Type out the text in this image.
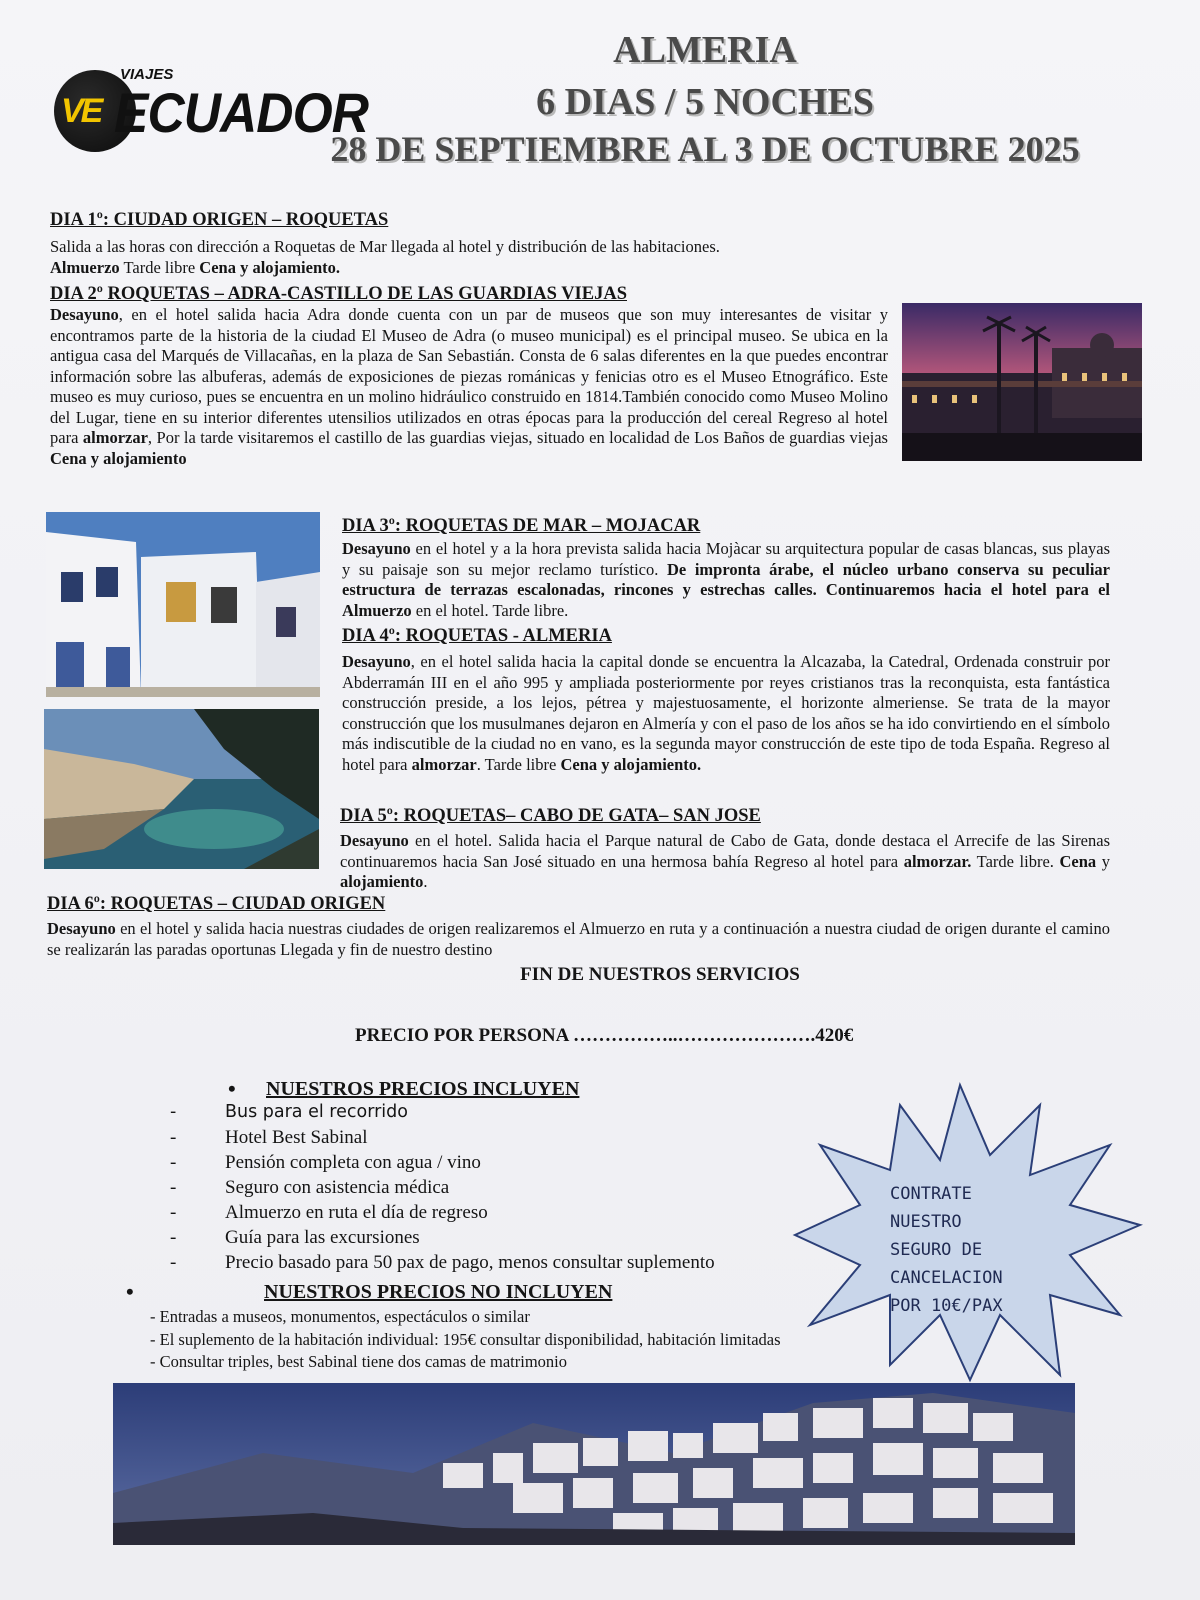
VE
VIAJES
ECUADOR
ALMERIA
6 DIAS / 5 NOCHES
28 DE SEPTIEMBRE AL 3 DE OCTUBRE 2025
DIA 1º: CIUDAD ORIGEN – ROQUETAS
Salida a las horas con dirección a Roquetas de Mar llegada al hotel y distribución de las habitaciones.
Almuerzo Tarde libre Cena y alojamiento.
DIA 2º ROQUETAS – ADRA-CASTILLO DE LAS GUARDIAS VIEJAS
Desayuno, en el hotel salida hacia Adra donde cuenta con un par de museos que son muy interesantes de visitar y encontramos parte de la historia de la ciudad El Museo de Adra (o museo municipal) es el principal museo. Se ubica en la antigua casa del Marqués de Villacañas, en la plaza de San Sebastián. Consta de 6 salas diferentes en la que puedes encontrar información sobre las albuferas, además de exposiciones de piezas románicas y fenicias otro es el Museo Etnográfico. Este museo es muy curioso, pues se encuentra en un molino hidráulico construido en 1814.También conocido como Museo Molino del Lugar, tiene en su interior diferentes utensilios utilizados en otras épocas para la producción del cereal Regreso al hotel para almorzar, Por la tarde visitaremos el castillo de las guardias viejas, situado en localidad de Los Baños de guardias viejas Cena y alojamiento
DIA 3º: ROQUETAS DE MAR – MOJACAR
Desayuno en el hotel y a la hora prevista salida hacia Mojàcar su arquitectura popular de casas blancas, sus playas y su paisaje son su mejor reclamo turístico. De impronta árabe, el núcleo urbano conserva su peculiar estructura de terrazas escalonadas, rincones y estrechas calles. Continuaremos hacia el hotel para el Almuerzo en el hotel. Tarde libre.
DIA 4º: ROQUETAS - ALMERIA
Desayuno, en el hotel salida hacia la capital donde se encuentra la Alcazaba, la Catedral, Ordenada construir por Abderramán III en el año 995 y ampliada posteriormente por reyes cristianos tras la reconquista, esta fantástica construcción preside, a los lejos, pétrea y majestuosamente, el horizonte almeriense. Se trata de la mayor construcción que los musulmanes dejaron en Almería y con el paso de los años se ha ido convirtiendo en el símbolo más indiscutible de la ciudad no en vano, es la segunda mayor construcción de este tipo de toda España. Regreso al hotel para almorzar. Tarde libre Cena y alojamiento.
DIA 5º: ROQUETAS– CABO DE GATA– SAN JOSE
Desayuno en el hotel. Salida hacia el Parque natural de Cabo de Gata, donde destaca el Arrecife de las Sirenas continuaremos hacia San José situado en una hermosa bahía Regreso al hotel para almorzar. Tarde libre. Cena y alojamiento.
DIA 6º: ROQUETAS – CIUDAD ORIGEN
Desayuno en el hotel y salida hacia nuestras ciudades de origen realizaremos el Almuerzo en ruta y a continuación a nuestra ciudad de origen durante el camino se realizarán las paradas oportunas Llegada y fin de nuestro destino
FIN DE NUESTROS SERVICIOS
PRECIO POR PERSONA ……………..………………….420€
• NUESTROS PRECIOS INCLUYEN
-	Bus para el recorrido
-	Hotel Best Sabinal
-	Pensión completa con agua / vino
-	Seguro con asistencia médica
-	Almuerzo en ruta el día de regreso
-	Guía para las excursiones
-	Precio basado para 50 pax de pago, menos consultar suplemento
•	NUESTROS PRECIOS NO INCLUYEN
- Entradas a museos, monumentos, espectáculos o similar
- El suplemento de la habitación individual: 195€ consultar disponibilidad, habitación limitadas
- Consultar triples, best Sabinal tiene dos camas de matrimonio
CONTRATE
NUESTRO
SEGURO DE
CANCELACION
POR 10€/PAX
